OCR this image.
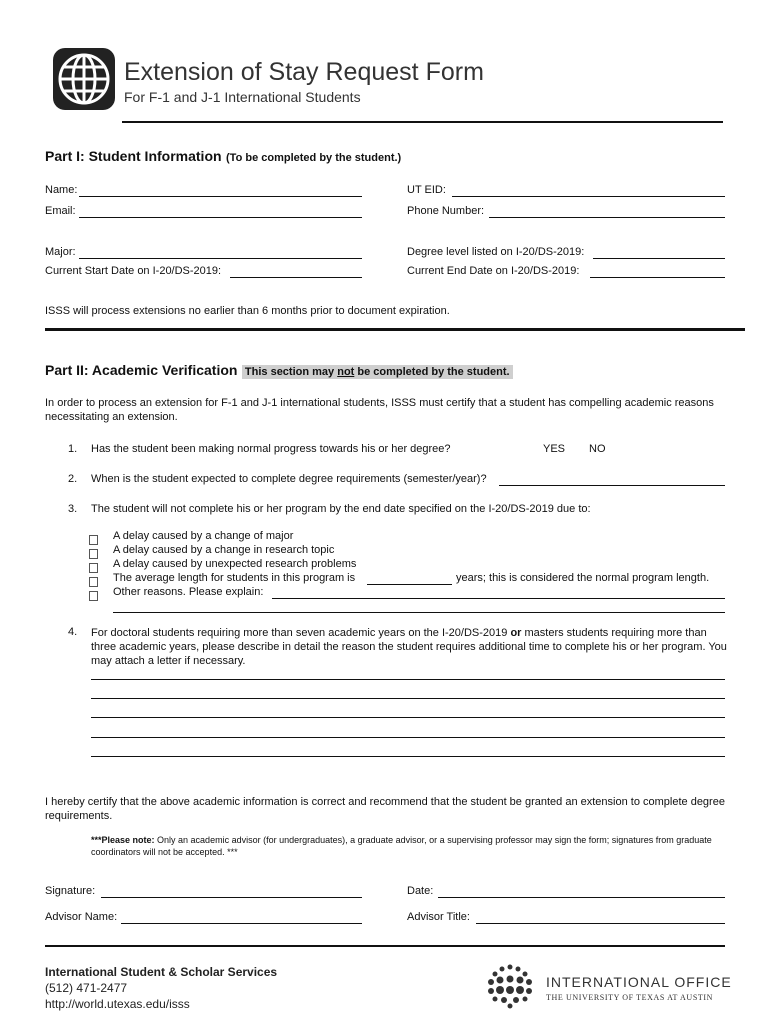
Extension of Stay Request Form
For F-1 and J-1 International Students
Part I: Student Information (To be completed by the student.)
Name:	UT EID:
Email:	Phone Number:
Major:	Degree level listed on I-20/DS-2019:
Current Start Date on I-20/DS-2019:	Current End Date on I-20/DS-2019:
ISSS will process extensions no earlier than 6 months prior to document expiration.
Part II: Academic Verification This section may not be completed by the student.
In order to process an extension for F-1 and J-1 international students, ISSS must certify that a student has compelling academic reasons necessitating an extension.
1. Has the student been making normal progress towards his or her degree?	YES NO
2. When is the student expected to complete degree requirements (semester/year)?
3. The student will not complete his or her program by the end date specified on the I-20/DS-2019 due to:
A delay caused by a change of major
A delay caused by a change in research topic
A delay caused by unexpected research problems
The average length for students in this program is	years; this is considered the normal program length.
Other reasons. Please explain:
4. For doctoral students requiring more than seven academic years on the I-20/DS-2019 or masters students requiring more than three academic years, please describe in detail the reason the student requires additional time to complete his or her program. You may attach a letter if necessary.
I hereby certify that the above academic information is correct and recommend that the student be granted an extension to complete degree requirements.
***Please note: Only an academic advisor (for undergraduates), a graduate advisor, or a supervising professor may sign the form; signatures from graduate coordinators will not be accepted. ***
Signature:	Date:
Advisor Name:	Advisor Title:
International Student & Scholar Services
(512) 471-2477
http://world.utexas.edu/isss
INTERNATIONAL OFFICE
THE UNIVERSITY OF TEXAS AT AUSTIN
